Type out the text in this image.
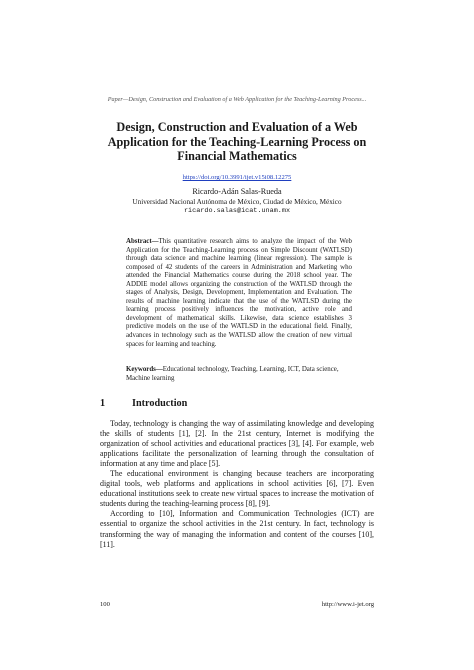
Paper—Design, Construction and Evaluation of a Web Application for the Teaching-Learning Process...
Design, Construction and Evaluation of a Web Application for the Teaching-Learning Process on Financial Mathematics
https://doi.org/10.3991/ijet.v15i08.12275
Ricardo-Adán Salas-Rueda
Universidad Nacional Autónoma de México, Ciudad de México, México
ricardo.salas@icat.unam.mx
Abstract—This quantitative research aims to analyze the impact of the Web Application for the Teaching-Learning process on Simple Discount (WATLSD) through data science and machine learning (linear regression). The sample is composed of 42 students of the careers in Administration and Marketing who attended the Financial Mathematics course during the 2018 school year. The ADDIE model allows organizing the construction of the WATLSD through the stages of Analysis, Design, Development, Implementation and Evaluation. The results of machine learning indicate that the use of the WATLSD during the learning process positively influences the motivation, active role and development of mathematical skills. Likewise, data science establishes 3 predictive models on the use of the WATLSD in the educational field. Finally, advances in technology such as the WATLSD allow the creation of new virtual spaces for learning and teaching.
Keywords—Educational technology, Teaching, Learning, ICT, Data science, Machine learning
1	Introduction

Today, technology is changing the way of assimilating knowledge and developing the skills of students [1], [2]. In the 21st century, Internet is modifying the organization of school activities and educational practices [3], [4]. For example, web applications facilitate the personalization of learning through the consultation of information at any time and place [5].

The educational environment is changing because teachers are incorporating digital tools, web platforms and applications in school activities [6], [7]. Even educational institutions seek to create new virtual spaces to increase the motivation of students during the teaching-learning process [8], [9].

According to [10], Information and Communication Technologies (ICT) are essential to organize the school activities in the 21st century. In fact, technology is transforming the way of managing the information and content of the courses [10], [11].

100	http://www.i-jet.org
